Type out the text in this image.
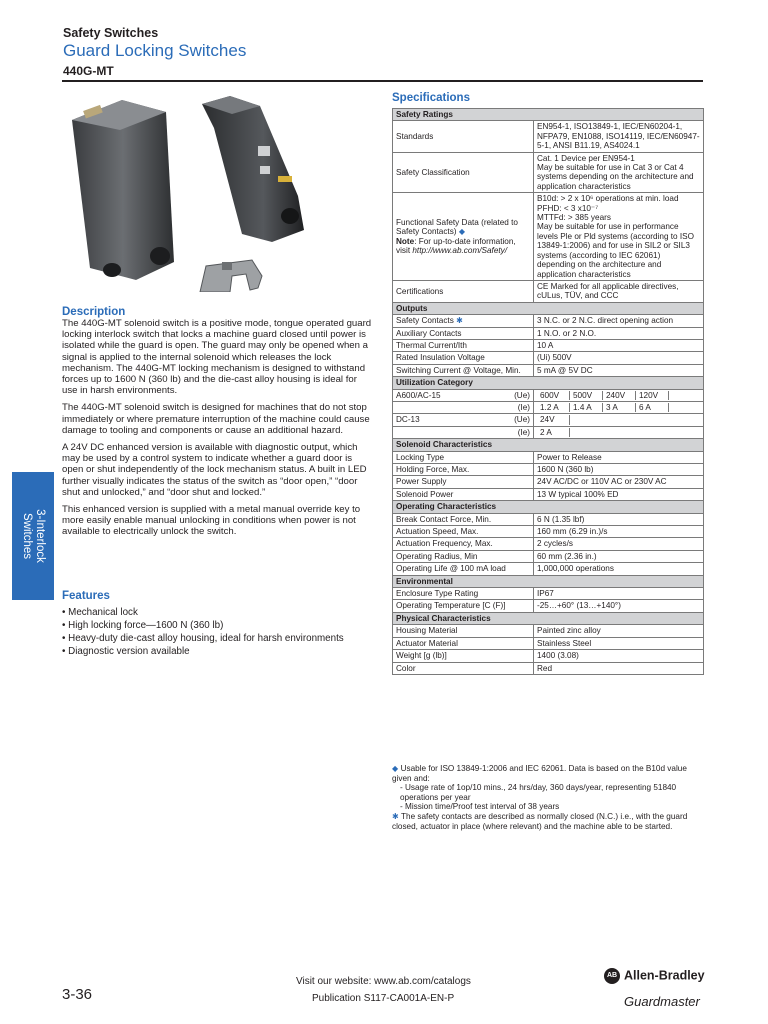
Safety Switches
Guard Locking Switches
440G-MT
Description

The 440G-MT solenoid switch is a positive mode, tongue operated guard locking interlock switch that locks a machine guard closed until power is isolated while the guard is open. The guard may only be opened when a signal is applied to the internal solenoid which releases the lock mechanism. The 440G-MT locking mechanism is designed to withstand forces up to 1600 N (360 lb) and the die-cast alloy housing is ideal for use in harsh environments.

The 440G-MT solenoid switch is designed for machines that do not stop immediately or where premature interruption of the machine could cause damage to tooling and components or cause an additional hazard.

A 24V DC enhanced version is available with diagnostic output, which may be used by a control system to indicate whether a guard door is open or shut independently of the lock mechanism status. A built in LED further visually indicates the status of the switch as “door open,” “door shut and unlocked,” and “door shut and locked.”

This enhanced version is supplied with a metal manual override key to more easily enable manual unlocking in conditions when power is not available to electrically unlock the switch.

Features
• Mechanical lock
• High locking force—1600 N (360 lb)
• Heavy-duty die-cast alloy housing, ideal for harsh environments
• Diagnostic version available
3-Interlock
Switches
Specifications
Safety Ratings	
Standards	EN954-1, ISO13849-1, IEC/EN60204-1, NFPA79, EN1088, ISO14119, IEC/EN60947-5-1, ANSI B11.19, AS4024.1
Safety Classification	Cat. 1 Device per EN954-1
May be suitable for use in Cat 3 or Cat 4 systems depending on the architecture and application characteristics
Functional Safety Data (related to Safety Contacts) ◆
Note: For up-to-date information, visit http://www.ab.com/Safety/	B10d: > 2 x 10⁶ operations at min. load
PFHD: < 3 x10⁻⁷
MTTFd: > 385 years
May be suitable for use in performance levels Ple or Pld systems (according to ISO 13849-1:2006) and for use in SIL2 or SIL3 systems (according to IEC 62061) depending on the architecture and application characteristics
Certifications	CE Marked for all applicable directives, cULus, TÜV, and CCC
Outputs	
Safety Contacts ✱	3 N.C. or 2 N.C. direct opening action
Auxiliary Contacts	1 N.O. or 2 N.O.
Thermal Current/Ith	10 A
Rated Insulation Voltage	(Ui) 500V
Switching Current @ Voltage, Min.	5 mA @ 5V DC
Utilization Category	
A600/AC-15 (Ue)	600V 500V 240V 120V

(Ie)	1.2 A 1.4 A 3 A 6 A

DC-13 (Ue)	24V

(Ie)	2 A

Solenoid Characteristics	
Locking Type	Power to Release
Holding Force, Max.	1600 N (360 lb)
Power Supply	24V AC/DC or 110V AC or 230V AC
Solenoid Power	13 W typical 100% ED
Operating Characteristics	
Break Contact Force, Min.	6 N (1.35 lbf)
Actuation Speed, Max.	160 mm (6.29 in.)/s
Actuation Frequency, Max.	2 cycles/s
Operating Radius, Min	60 mm (2.36 in.)
Operating Life @ 100 mA load	1,000,000 operations
Environmental	
Enclosure Type Rating	IP67
Operating Temperature [C (F)]	-25…+60° (13…+140°)
Physical Characteristics	
Housing Material	Painted zinc alloy
Actuator Material	Stainless Steel
Weight [g (lb)]	1400 (3.08)
Color	Red

◆ Usable for ISO 13849-1:2006 and IEC 62061. Data is based on the B10d value given and:

- Usage rate of 1op/10 mins., 24 hrs/day, 360 days/year, representing 51840 operations per year

- Mission time/Proof test interval of 38 years

✱ The safety contacts are described as normally closed (N.C.) i.e., with the guard closed, actuator in place (where relevant) and the machine able to be started.

Visit our website: www.ab.com/catalogs
Publication S117-CA001A-EN-P
3-36
AB Allen-Bradley
Guardmaster
